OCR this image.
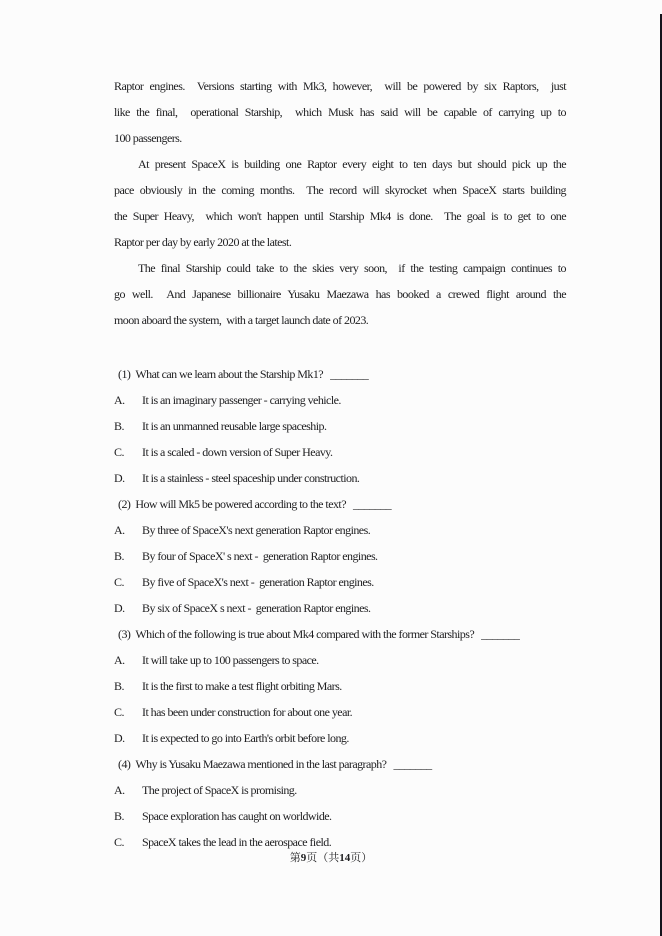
Raptor engines.  Versions starting with Mk3, however,  will be powered by six Raptors,  just
like the final,  operational Starship,  which Musk has said will be capable of carrying up to
100 passengers.
At present SpaceX is building one Raptor every eight to ten days but should pick up the
pace obviously in the coming months.  The record will skyrocket when SpaceX starts building
the Super Heavy,  which won't happen until Starship Mk4 is done.  The goal is to get to one
Raptor per day by early 2020 at the latest.
The final Starship could take to the skies very soon,  if the testing campaign continues to
go well.  And Japanese billionaire Yusaku Maezawa has booked a crewed flight around the
moon aboard the system,  with a target launch date of 2023.
(1) What can we learn about the Starship Mk1? _______
A. It is an imaginary passenger - carrying vehicle.
B. It is an unmanned reusable large spaceship.
C. It is a scaled - down version of Super Heavy.
D. It is a stainless - steel spaceship under construction.
(2) How will Mk5 be powered according to the text? _______
A. By three of SpaceX's next generation Raptor engines.
B. By four of SpaceX' s next -  generation Raptor engines.
C. By five of SpaceX's next -  generation Raptor engines.
D. By six of SpaceX s next -  generation Raptor engines.
(3) Which of the following is true about Mk4 compared with the former Starships? _______
A. It will take up to 100 passengers to space.
B. It is the first to make a test flight orbiting Mars.
C. It has been under construction for about one year.
D. It is expected to go into Earth's orbit before long.
(4) Why is Yusaku Maezawa mentioned in the last paragraph? _______
A. The project of SpaceX is promising.
B. Space exploration has caught on worldwide.
C. SpaceX takes the lead in the aerospace field.
第9页（共14页）
